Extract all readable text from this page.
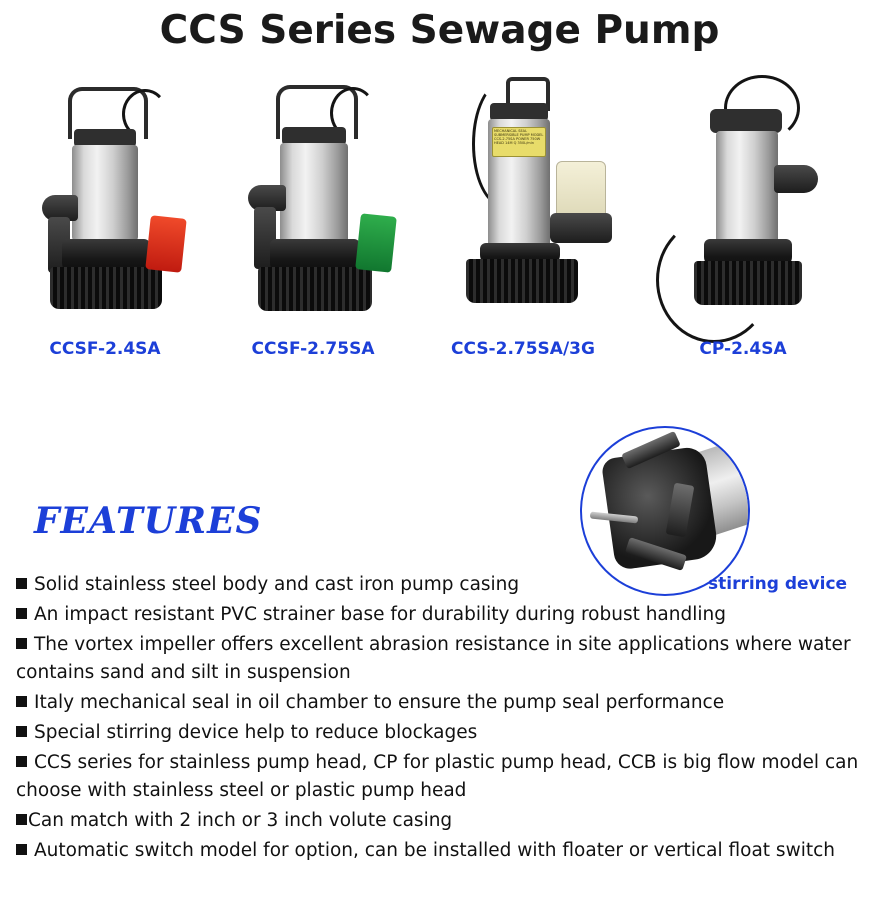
CCS Series Sewage Pump
CCSF-2.4SA	CCSF-2.75SA
MECHANICAL SEAL SUBMERSIBLE PUMP MODEL CCS-2.75SA POWER 750W HEAD 14M Q 350L/min
CCS-2.75SA/3G	CP-2.4SA
stirring device
FEATURES

Solid stainless steel body and cast iron pump casing

An impact resistant PVC strainer base for durability during robust handling

The vortex impeller offers excellent abrasion resistance in site applications where water contains sand and silt in suspension

Italy mechanical seal in oil chamber to ensure the pump seal performance

Special stirring device help to reduce blockages

CCS series for stainless pump head, CP for plastic pump head, CCB is big flow model can choose with stainless steel or plastic pump head

Can match with 2 inch or 3 inch volute casing

Automatic switch model for option, can be installed with floater or vertical float switch
